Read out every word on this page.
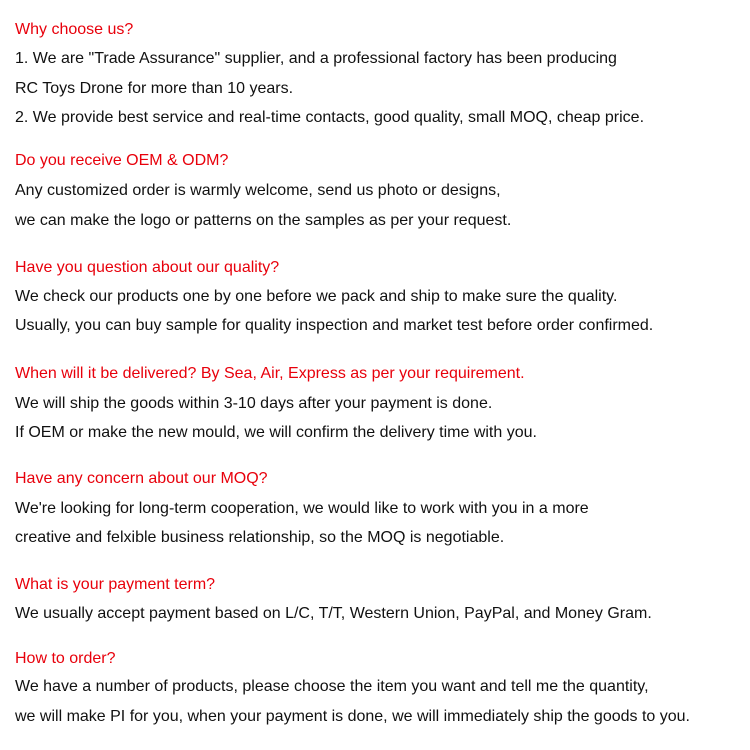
Why choose us?
1. We are "Trade Assurance" supplier, and a professional factory has been producing
RC Toys Drone for more than 10 years.
2. We provide best service and real-time contacts, good quality, small MOQ, cheap price.
Do you receive OEM & ODM?
Any customized order is warmly welcome, send us photo or designs,
we can make the logo or patterns on the samples as per your request.
Have you question about our quality?
We check our products one by one before we pack and ship to make sure the quality.
Usually, you can buy sample for quality inspection and market test before order confirmed.
When will it be delivered? By Sea, Air, Express as per your requirement.
We will ship the goods within 3-10 days after your payment is done.
If OEM or make the new mould, we will confirm the delivery time with you.
Have any concern about our MOQ?
We're looking for long-term cooperation, we would like to work with you in a more
creative and felxible business relationship, so the MOQ is negotiable.
What is your payment term?
We usually accept payment based on L/C, T/T, Western Union, PayPal, and Money Gram.
How to order?
We have a number of products, please choose the item you want and tell me the quantity,
we will make PI for you, when your payment is done, we will immediately ship the goods to you.
